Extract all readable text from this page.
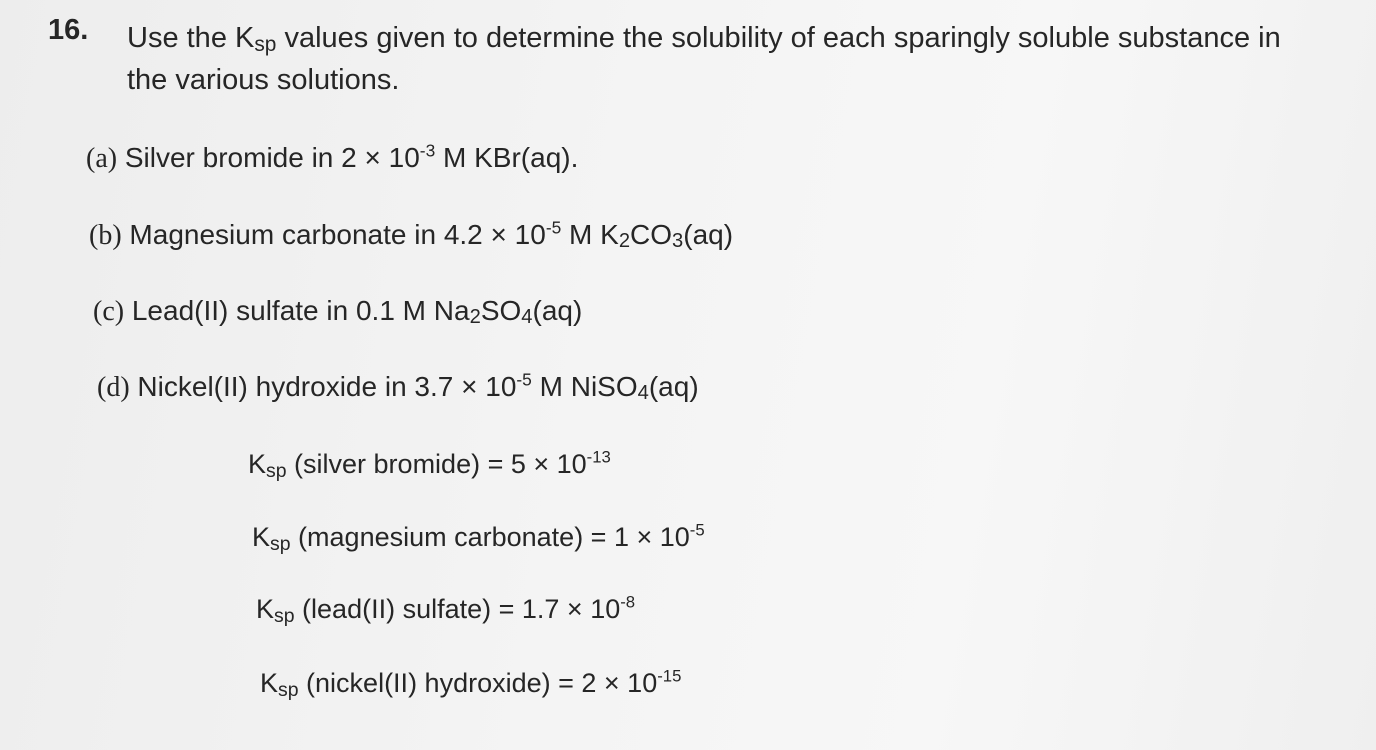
16. Use the Ksp values given to determine the solubility of each sparingly soluble substance in
the various solutions.
(a) Silver bromide in $2 \times 10^{-3}$ M KBr(aq).
(b) Magnesium carbonate in $4.2 \times 10^{-5}$ M $K_2CO_3(aq)$
(c) Lead(II) sulfate in 0.1 M $Na_2SO_4(aq)$
(d) Nickel(II) hydroxide in $3.7 \times 10^{-5}$ M NiSO$_4$(aq)
Ksp (silver bromide) = $5 \times 10^{-13}$
Ksp (magnesium carbonate) = $1 \times 10^{-5}$
Ksp (lead(II) sulfate) = $1.7 \times 10^{-8}$
Ksp (nickel(II) hydroxide) = $2 \times 10^{-15}$
